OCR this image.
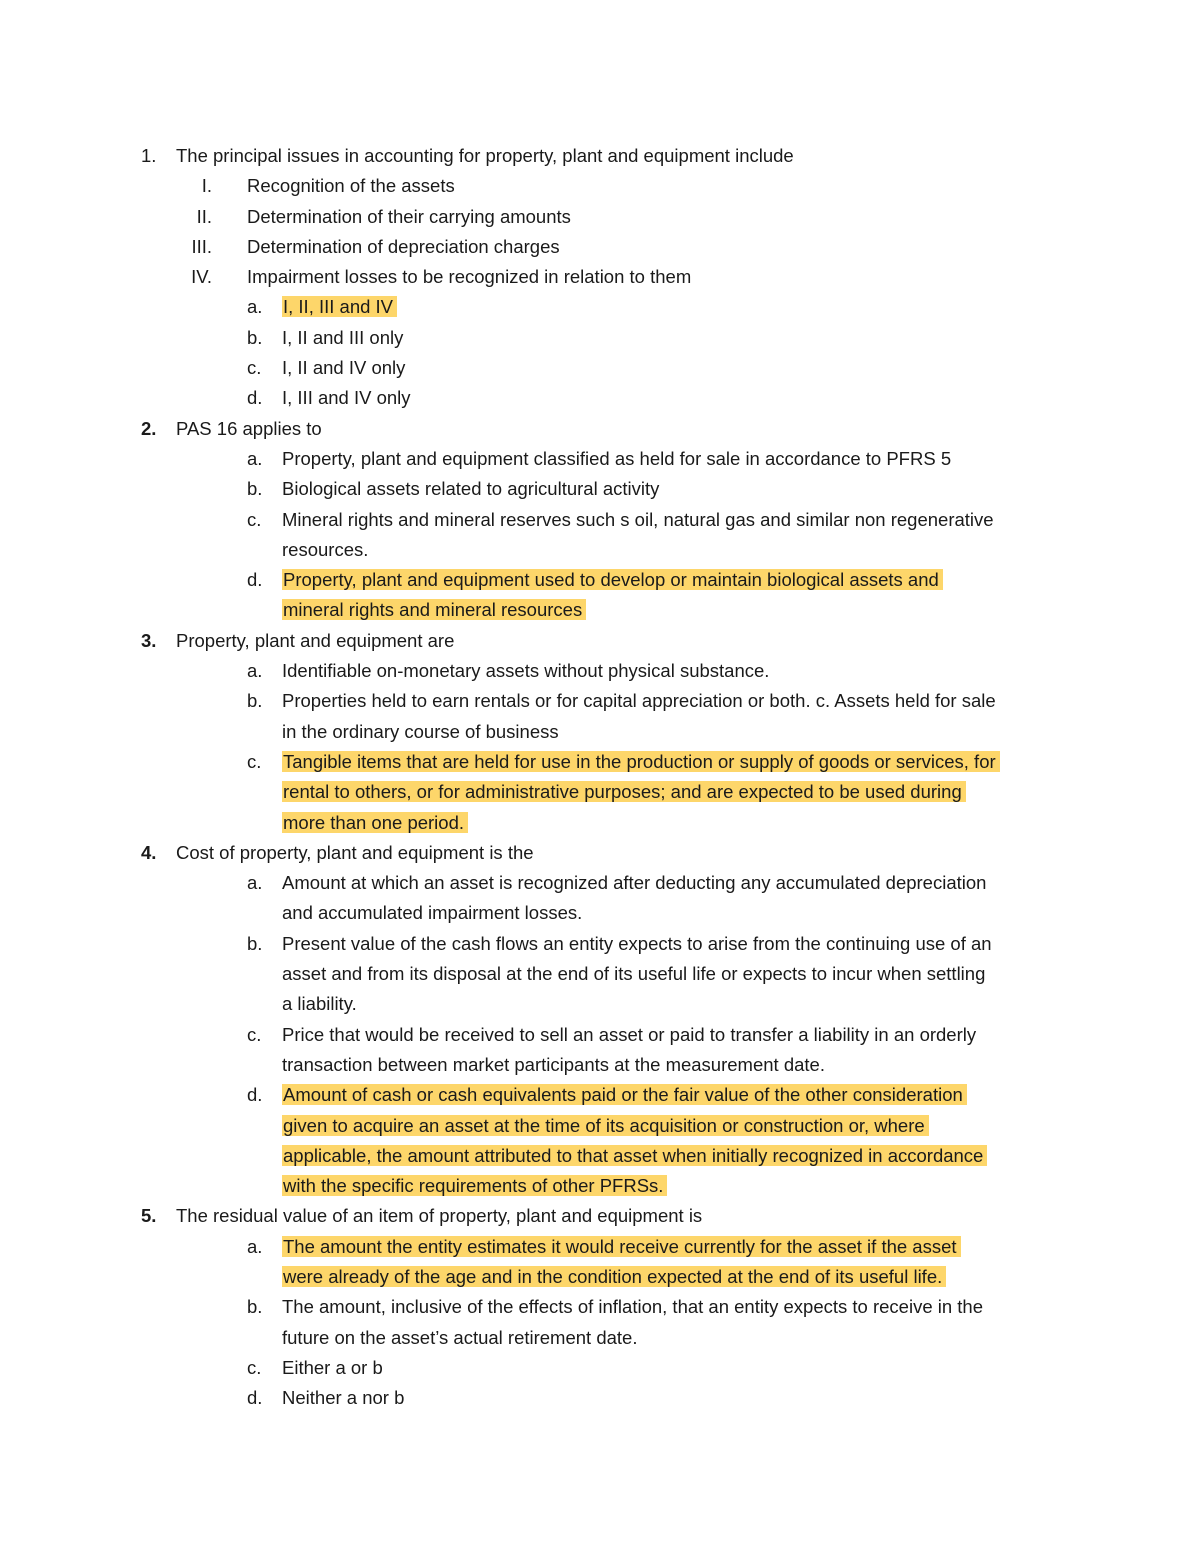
1.	The principal issues in accounting for property, plant and equipment include
I. Recognition of the assets
II. Determination of their carrying amounts
III. Determination of depreciation charges
IV. Impairment losses to be recognized in relation to them
a.	I, II, III and IV
b.	I, II and III only
c.	I, II and IV only
d.	I, III and IV only
2.	PAS 16 applies to
a.	Property, plant and equipment classified as held for sale in accordance to PFRS 5
b.	Biological assets related to agricultural activity
c.	Mineral rights and mineral reserves such s oil, natural gas and similar non regenerative
resources.
d.	Property, plant and equipment used to develop or maintain biological assets and
mineral rights and mineral resources
3.	Property, plant and equipment are
a.	Identifiable on-monetary assets without physical substance.
b.	Properties held to earn rentals or for capital appreciation or both. c. Assets held for sale
in the ordinary course of business
c.	Tangible items that are held for use in the production or supply of goods or services, for
rental to others, or for administrative purposes; and are expected to be used during
more than one period.
4.	Cost of property, plant and equipment is the
a.	Amount at which an asset is recognized after deducting any accumulated depreciation
and accumulated impairment losses.
b.	Present value of the cash flows an entity expects to arise from the continuing use of an
asset and from its disposal at the end of its useful life or expects to incur when settling
a liability.
c.	Price that would be received to sell an asset or paid to transfer a liability in an orderly
transaction between market participants at the measurement date.
d.	Amount of cash or cash equivalents paid or the fair value of the other consideration
given to acquire an asset at the time of its acquisition or construction or, where
applicable, the amount attributed to that asset when initially recognized in accordance
with the specific requirements of other PFRSs.
5.	The residual value of an item of property, plant and equipment is
a.	The amount the entity estimates it would receive currently for the asset if the asset
were already of the age and in the condition expected at the end of its useful life.
b.	The amount, inclusive of the effects of inflation, that an entity expects to receive in the
future on the asset’s actual retirement date.
c.	Either a or b
d.	Neither a nor b
